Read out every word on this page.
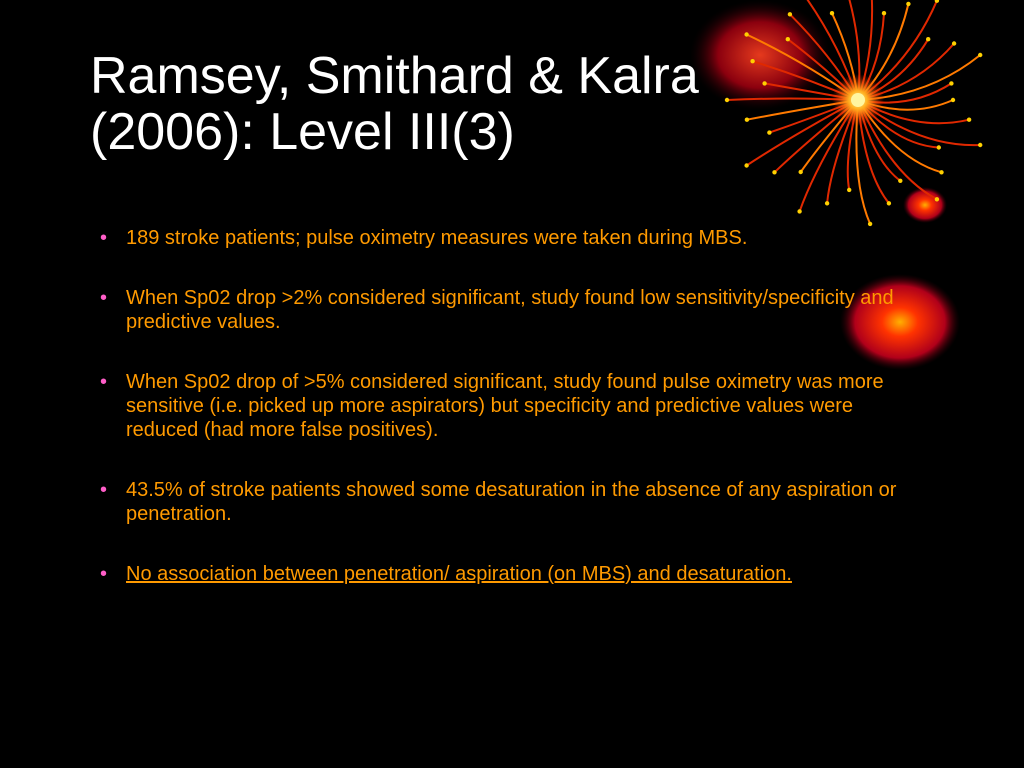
Ramsey, Smithard & Kalra
(2006): Level III(3)
• 189 stroke patients; pulse oximetry measures were taken during MBS.
• When Sp02 drop >2% considered significant, study found low sensitivity/specificity and predictive values.
• When Sp02 drop of >5% considered significant, study found pulse oximetry was more sensitive (i.e. picked up more aspirators) but specificity and predictive values were reduced (had more false positives).
• 43.5% of stroke patients showed some desaturation in the absence of any aspiration or penetration.
• No association between penetration/ aspiration (on MBS) and desaturation.
